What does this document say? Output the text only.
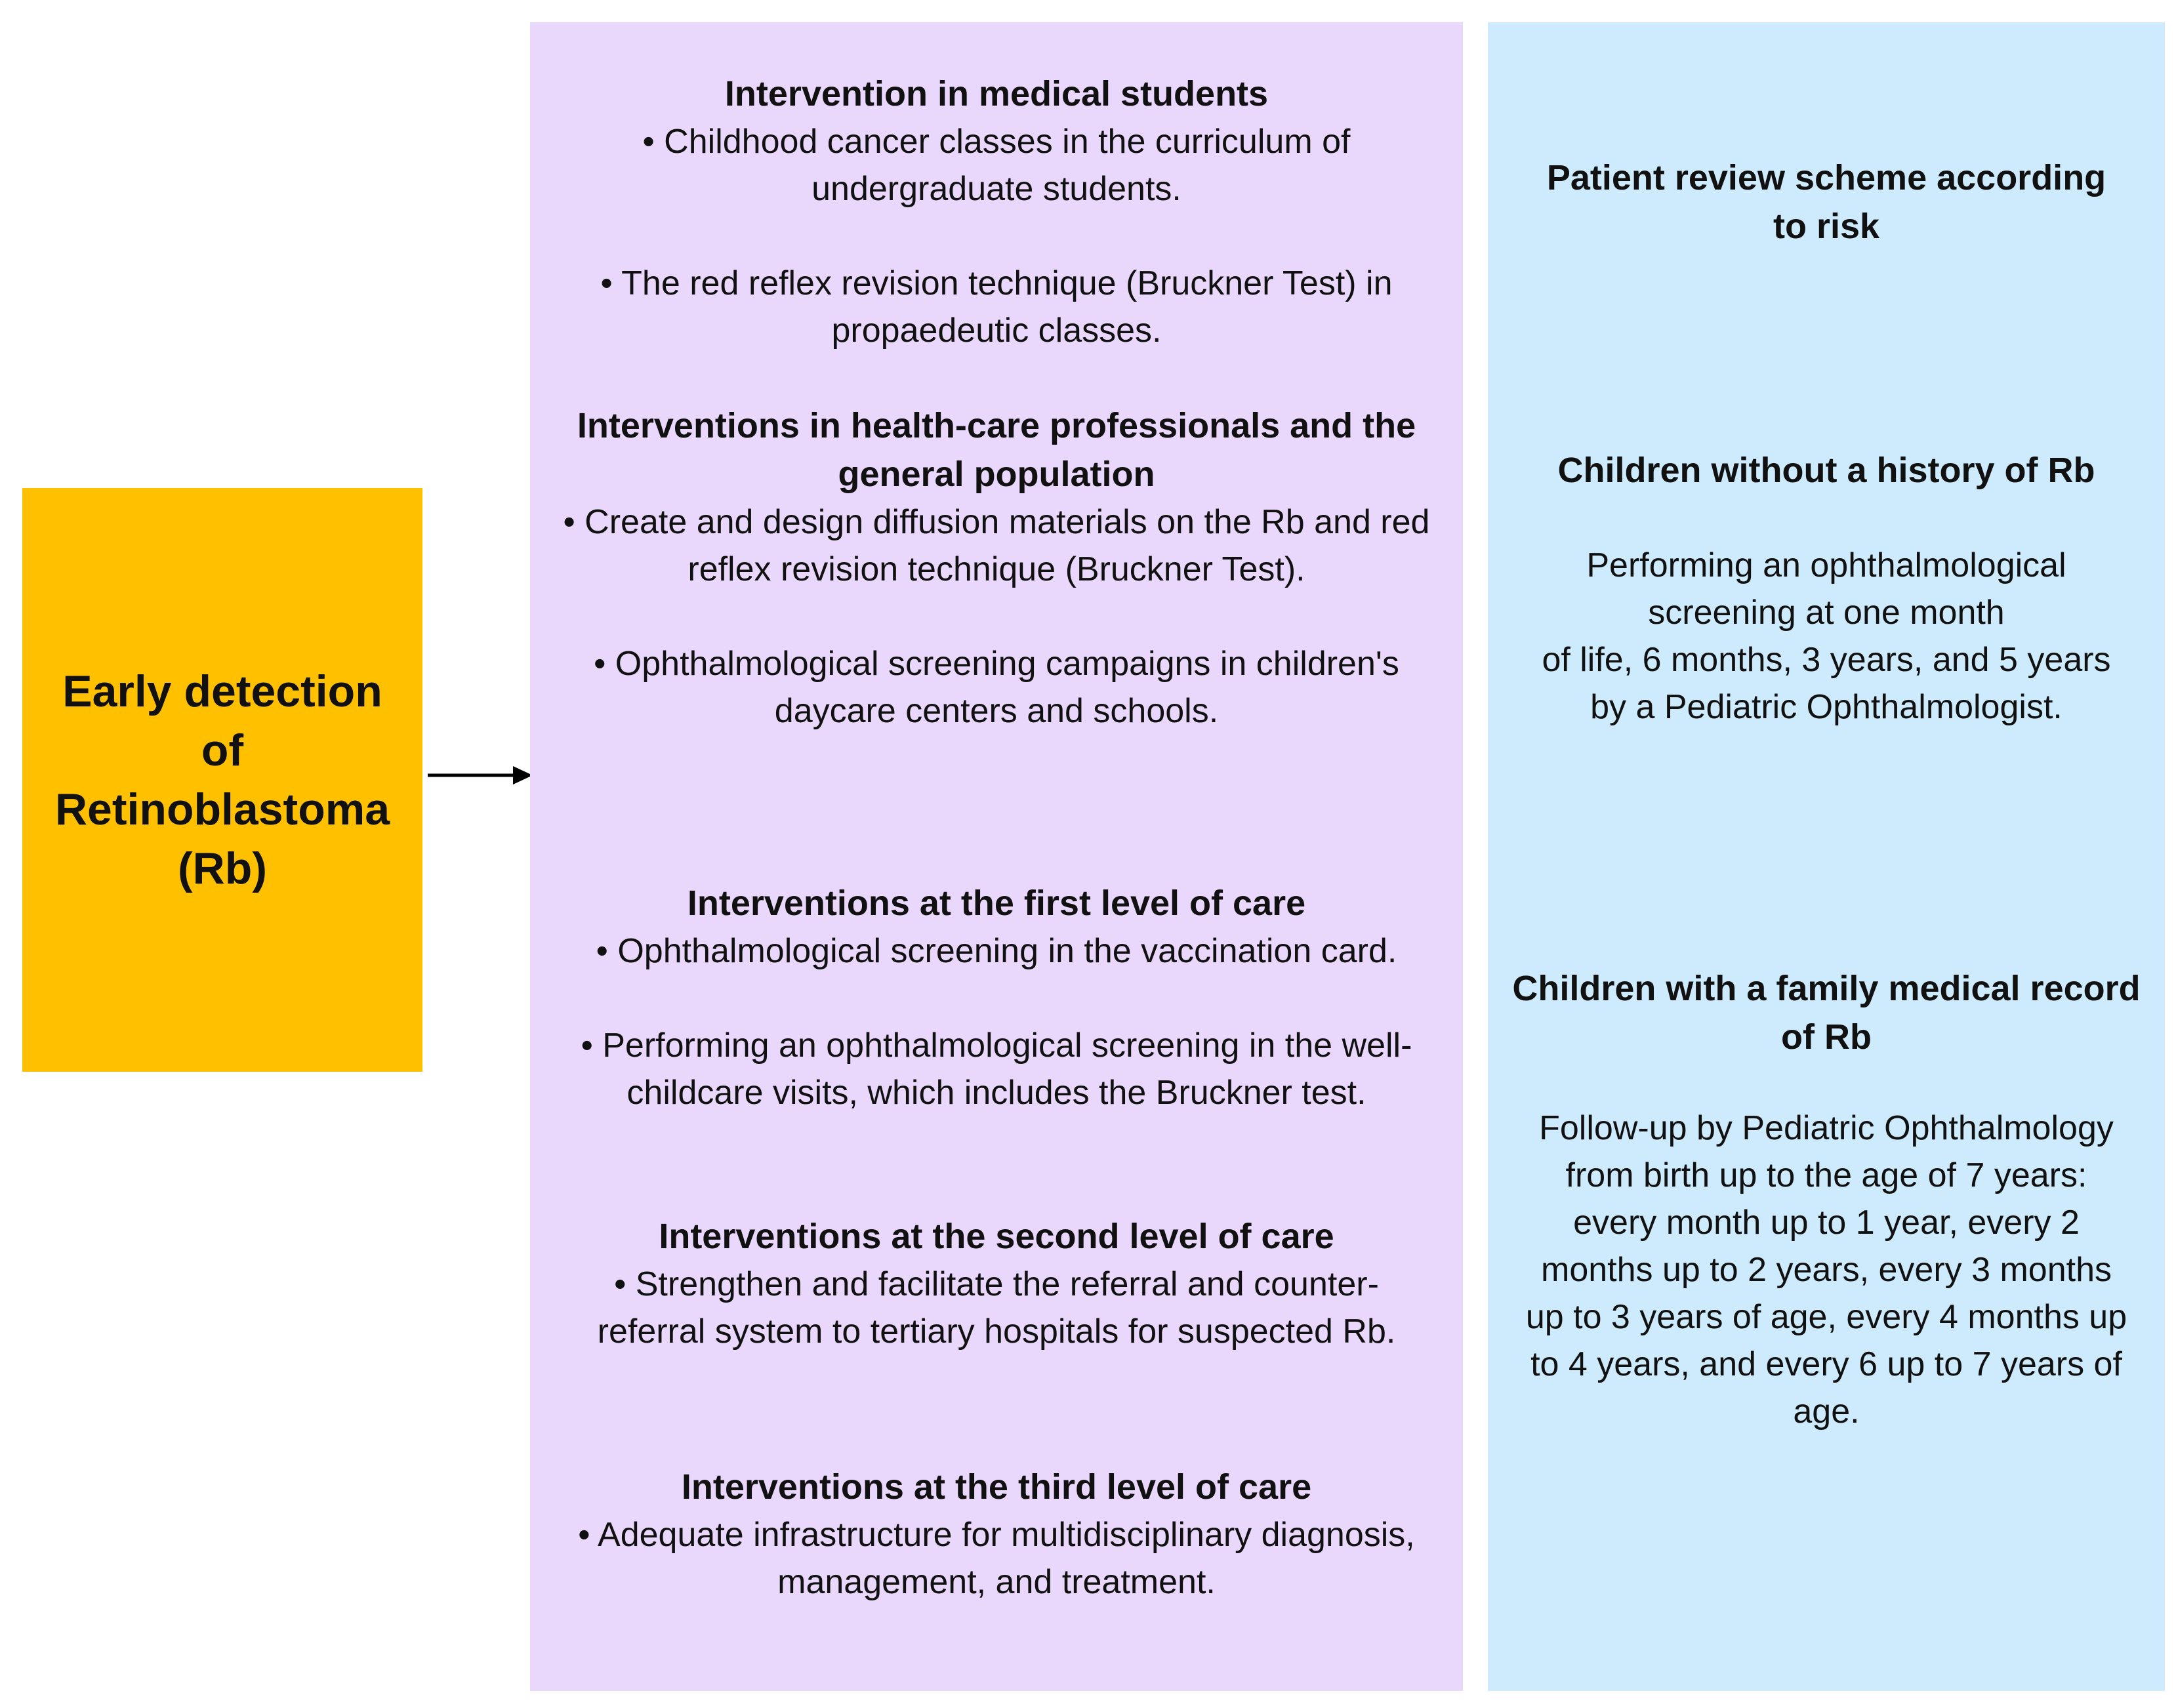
Early detection
of
Retinoblastoma
(Rb)
Intervention in medical students
• Childhood cancer classes in the curriculum of
undergraduate students.
• The red reflex revision technique (Bruckner Test) in
propaedeutic classes.
Interventions in health-care professionals and the
general population
• Create and design diffusion materials on the Rb and red
reflex revision technique (Bruckner Test).
• Ophthalmological screening campaigns in children's
daycare centers and schools.
Interventions at the first level of care
• Ophthalmological screening in the vaccination card.
• Performing an ophthalmological screening in the well-
childcare visits, which includes the Bruckner test.
Interventions at the second level of care
• Strengthen and facilitate the referral and counter-
referral system to tertiary hospitals for suspected Rb.
Interventions at the third level of care
• Adequate infrastructure for multidisciplinary diagnosis,
management, and treatment.
Patient review scheme according
to risk
Children without a history of Rb
Performing an ophthalmological
screening at one month
of life, 6 months, 3 years, and 5 years
by a Pediatric Ophthalmologist.
Children with a family medical record
of Rb
Follow-up by Pediatric Ophthalmology
from birth up to the age of 7 years:
every month up to 1 year, every 2
months up to 2 years, every 3 months
up to 3 years of age, every 4 months up
to 4 years, and every 6 up to 7 years of
age.
